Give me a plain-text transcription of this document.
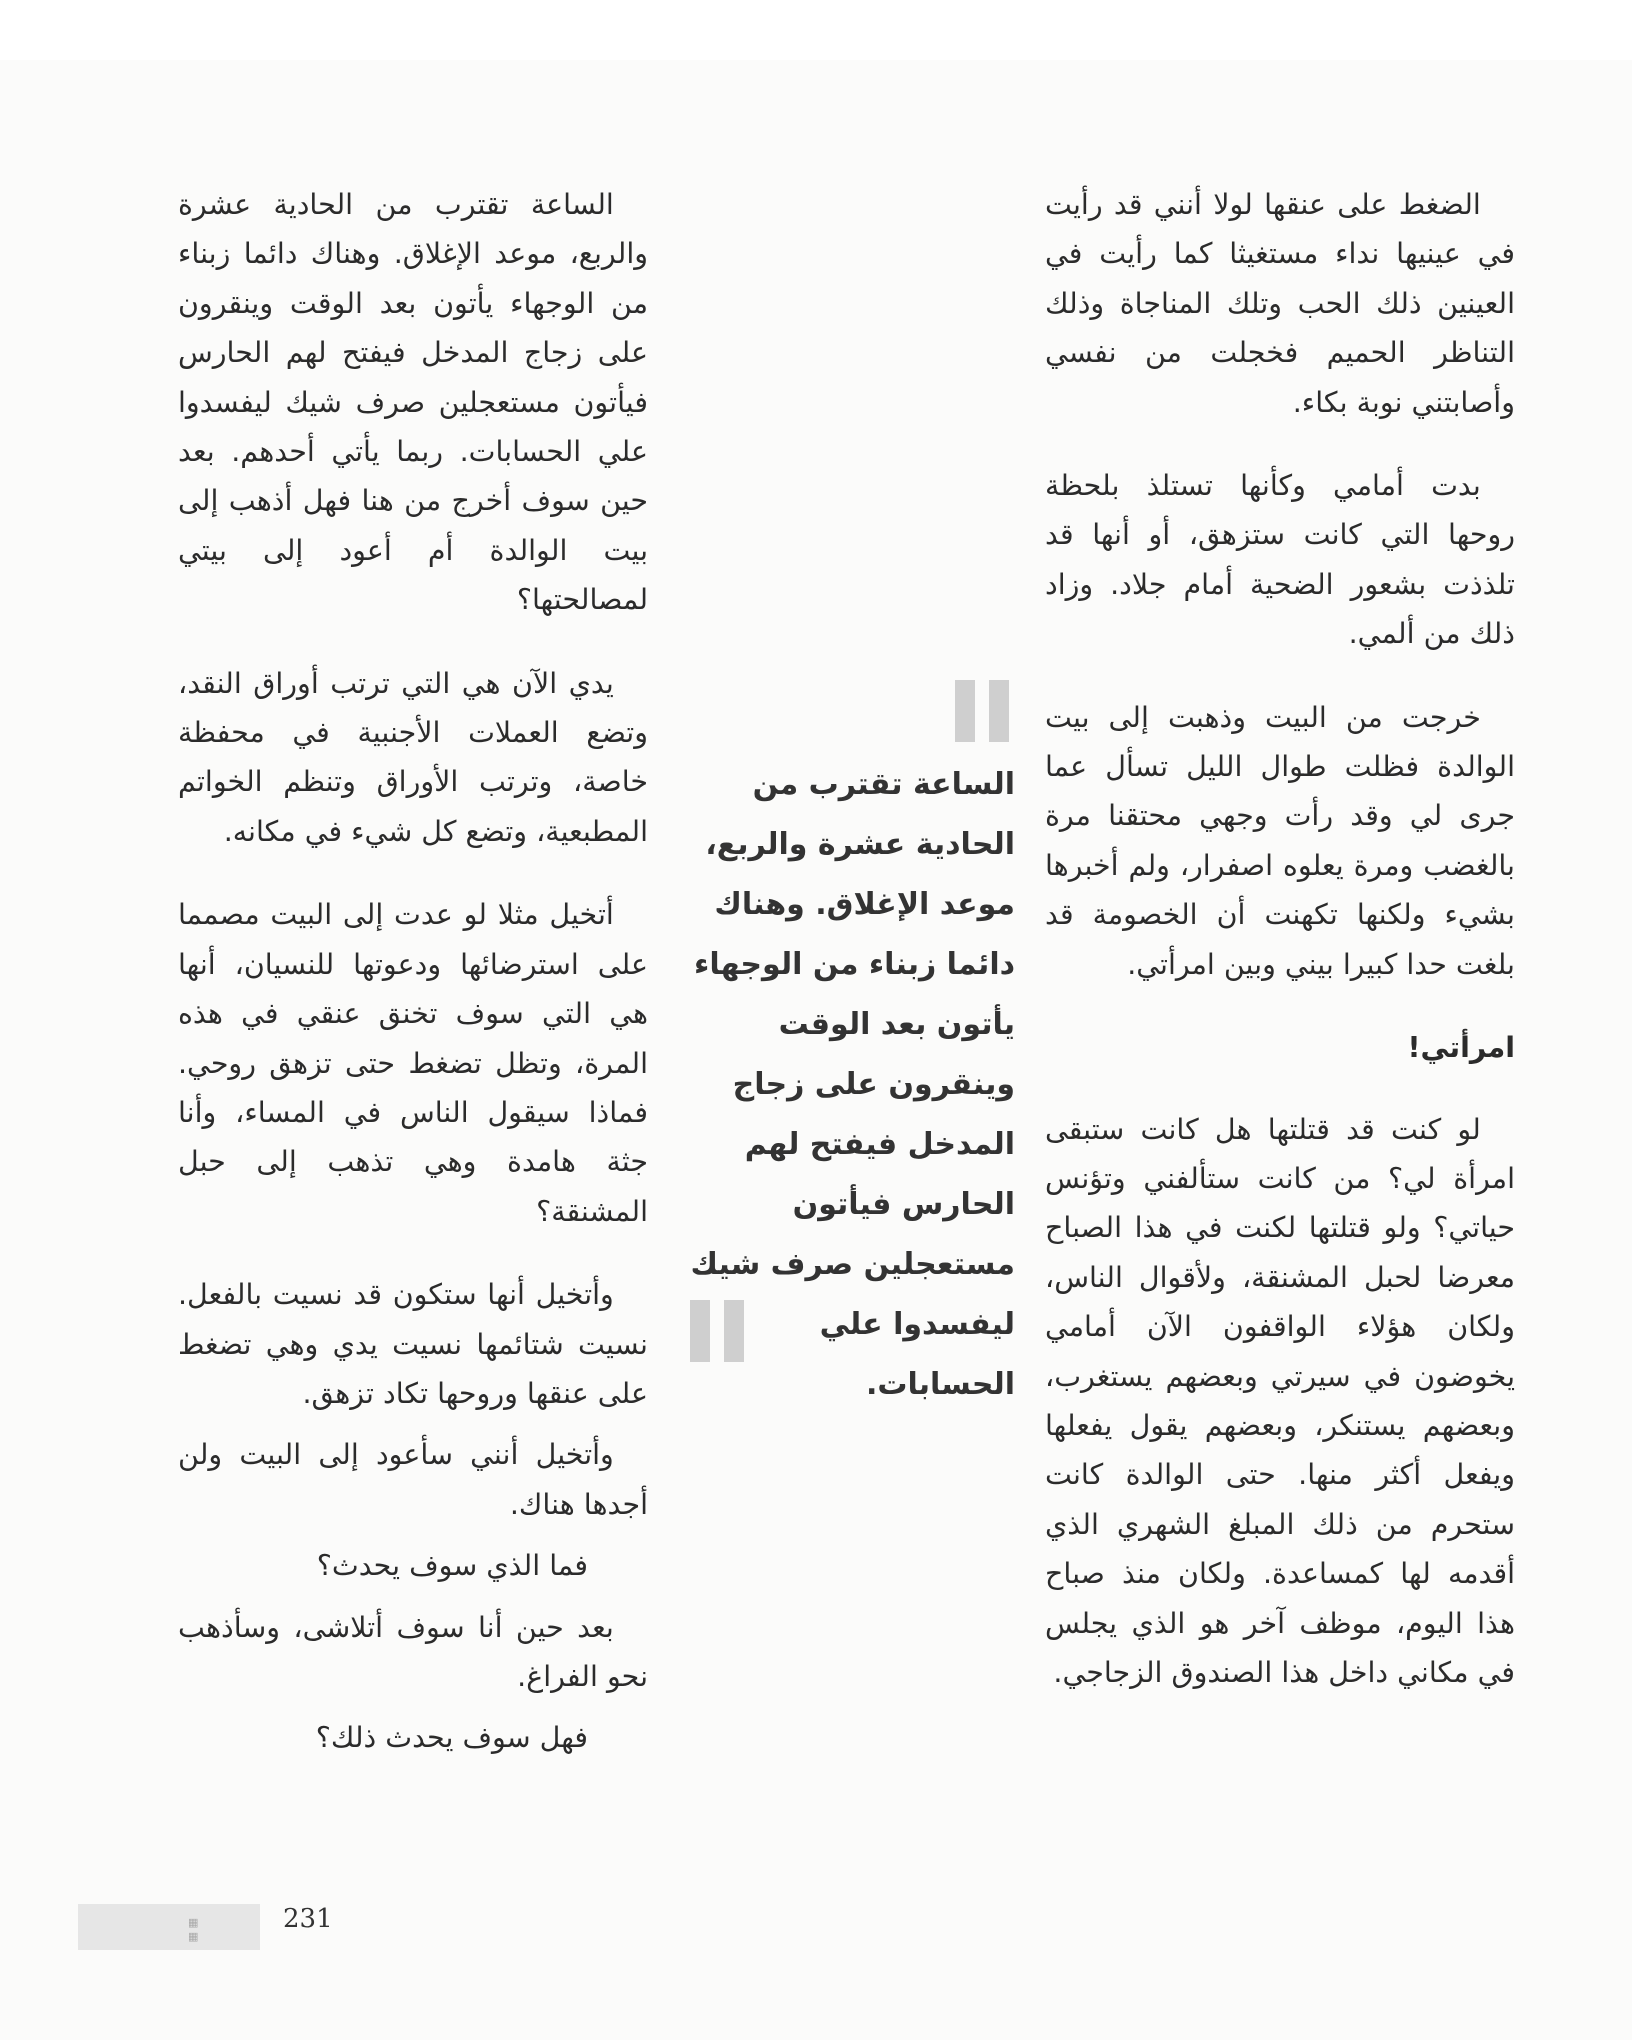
الضغط على عنقها لولا أنني قد رأيت في عينيها نداء مستغيثا كما رأيت في العينين ذلك الحب وتلك المناجاة وذلك التناظر الحميم فخجلت من نفسي وأصابتني نوبة بكاء.

بدت أمامي وكأنها تستلذ بلحظة روحها التي كانت ستزهق، أو أنها قد تلذذت بشعور الضحية أمام جلاد. وزاد ذلك من ألمي.

خرجت من البيت وذهبت إلى بيت الوالدة فظلت طوال الليل تسأل عما جرى لي وقد رأت وجهي محتقنا مرة بالغضب ومرة يعلوه اصفرار، ولم أخبرها بشيء ولكنها تكهنت أن الخصومة قد بلغت حدا كبيرا بيني وبين امرأتي.

امرأتي!

لو كنت قد قتلتها هل كانت ستبقى امرأة لي؟ من كانت ستألفني وتؤنس حياتي؟ ولو قتلتها لكنت في هذا الصباح معرضا لحبل المشنقة، ولأقوال الناس، ولكان هؤلاء الواقفون الآن أمامي يخوضون في سيرتي وبعضهم يستغرب، وبعضهم يستنكر، وبعضهم يقول يفعلها ويفعل أكثر منها. حتى الوالدة كانت ستحرم من ذلك المبلغ الشهري الذي أقدمه لها كمساعدة. ولكان منذ صباح هذا اليوم، موظف آخر هو الذي يجلس في مكاني داخل هذا الصندوق الزجاجي.

الساعة تقترب من الحادية عشرة والربع، موعد الإغلاق. وهناك دائما زبناء من الوجهاء يأتون بعد الوقت وينقرون على زجاج المدخل فيفتح لهم الحارس فيأتون مستعجلين صرف شيك ليفسدوا علي الحسابات.

الساعة تقترب من الحادية عشرة والربع، موعد الإغلاق. وهناك دائما زبناء من الوجهاء يأتون بعد الوقت وينقرون على زجاج المدخل فيفتح لهم الحارس فيأتون مستعجلين صرف شيك ليفسدوا علي الحسابات. ربما يأتي أحدهم. بعد حين سوف أخرج من هنا فهل أذهب إلى بيت الوالدة أم أعود إلى بيتي لمصالحتها؟

يدي الآن هي التي ترتب أوراق النقد، وتضع العملات الأجنبية في محفظة خاصة، وترتب الأوراق وتنظم الخواتم المطبعية، وتضع كل شيء في مكانه.

أتخيل مثلا لو عدت إلى البيت مصمما على استرضائها ودعوتها للنسيان، أنها هي التي سوف تخنق عنقي في هذه المرة، وتظل تضغط حتى تزهق روحي. فماذا سيقول الناس في المساء، وأنا جثة هامدة وهي تذهب إلى حبل المشنقة؟

وأتخيل أنها ستكون قد نسيت بالفعل. نسيت شتائمها نسيت يدي وهي تضغط على عنقها وروحها تكاد تزهق.

وأتخيل أنني سأعود إلى البيت ولن أجدها هناك.

فما الذي سوف يحدث؟

بعد حين أنا سوف أتلاشى، وسأذهب نحو الفراغ.

فهل سوف يحدث ذلك؟

▦
▦
231
